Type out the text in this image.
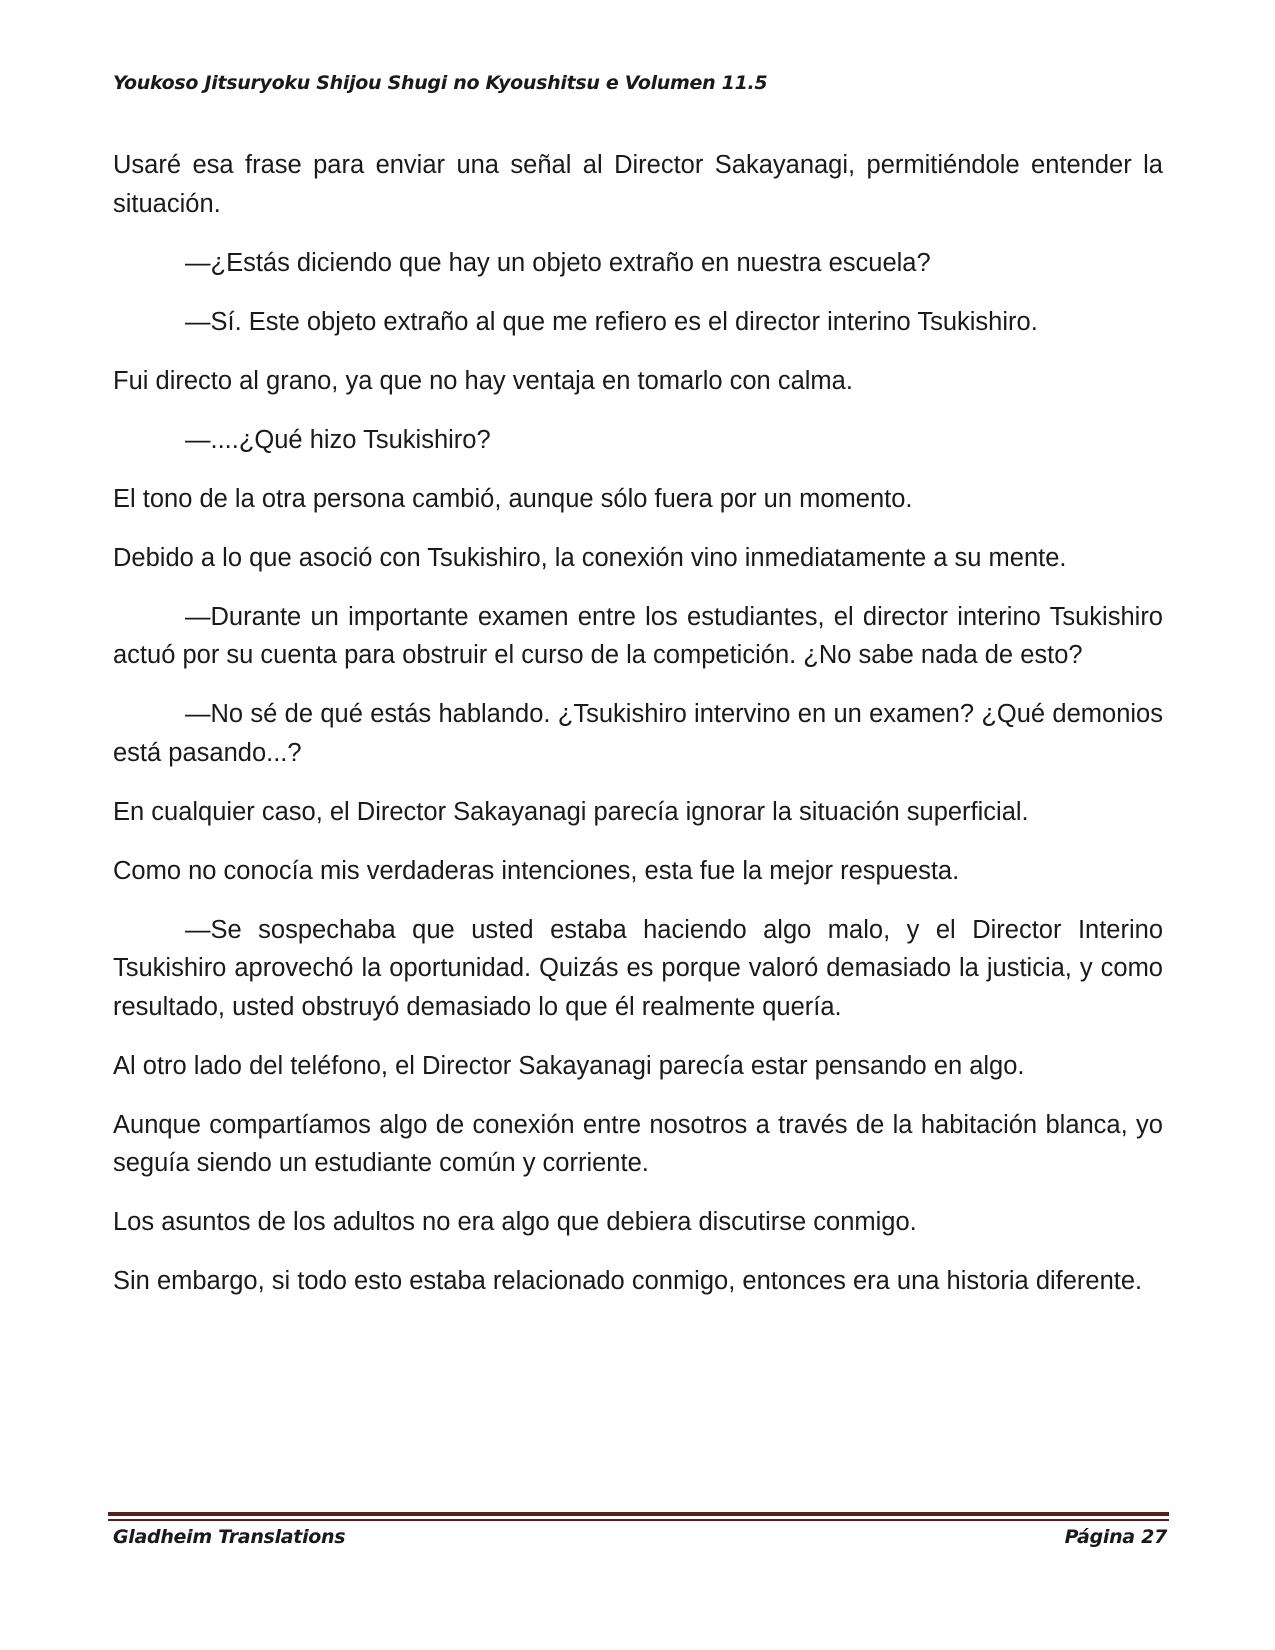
Youkoso Jitsuryoku Shijou Shugi no Kyoushitsu e Volumen 11.5

Usaré esa frase para enviar una señal al Director Sakayanagi, permitiéndole entender la situación.

—¿Estás diciendo que hay un objeto extraño en nuestra escuela?

—Sí. Este objeto extraño al que me refiero es el director interino Tsukishiro.

Fui directo al grano, ya que no hay ventaja en tomarlo con calma.

—....¿Qué hizo Tsukishiro?

El tono de la otra persona cambió, aunque sólo fuera por un momento.

Debido a lo que asoció con Tsukishiro, la conexión vino inmediatamente a su mente.

—Durante un importante examen entre los estudiantes, el director interino Tsukishiro actuó por su cuenta para obstruir el curso de la competición. ¿No sabe nada de esto?

—No sé de qué estás hablando. ¿Tsukishiro intervino en un examen? ¿Qué demonios está pasando...?

En cualquier caso, el Director Sakayanagi parecía ignorar la situación superficial.

Como no conocía mis verdaderas intenciones, esta fue la mejor respuesta.

—Se sospechaba que usted estaba haciendo algo malo, y el Director Interino Tsukishiro aprovechó la oportunidad. Quizás es porque valoró demasiado la justicia, y como resultado, usted obstruyó demasiado lo que él realmente quería.

Al otro lado del teléfono, el Director Sakayanagi parecía estar pensando en algo.

Aunque compartíamos algo de conexión entre nosotros a través de la habitación blanca, yo seguía siendo un estudiante común y corriente.

Los asuntos de los adultos no era algo que debiera discutirse conmigo.

Sin embargo, si todo esto estaba relacionado conmigo, entonces era una historia diferente.

Gladheim Translations	Página 27
